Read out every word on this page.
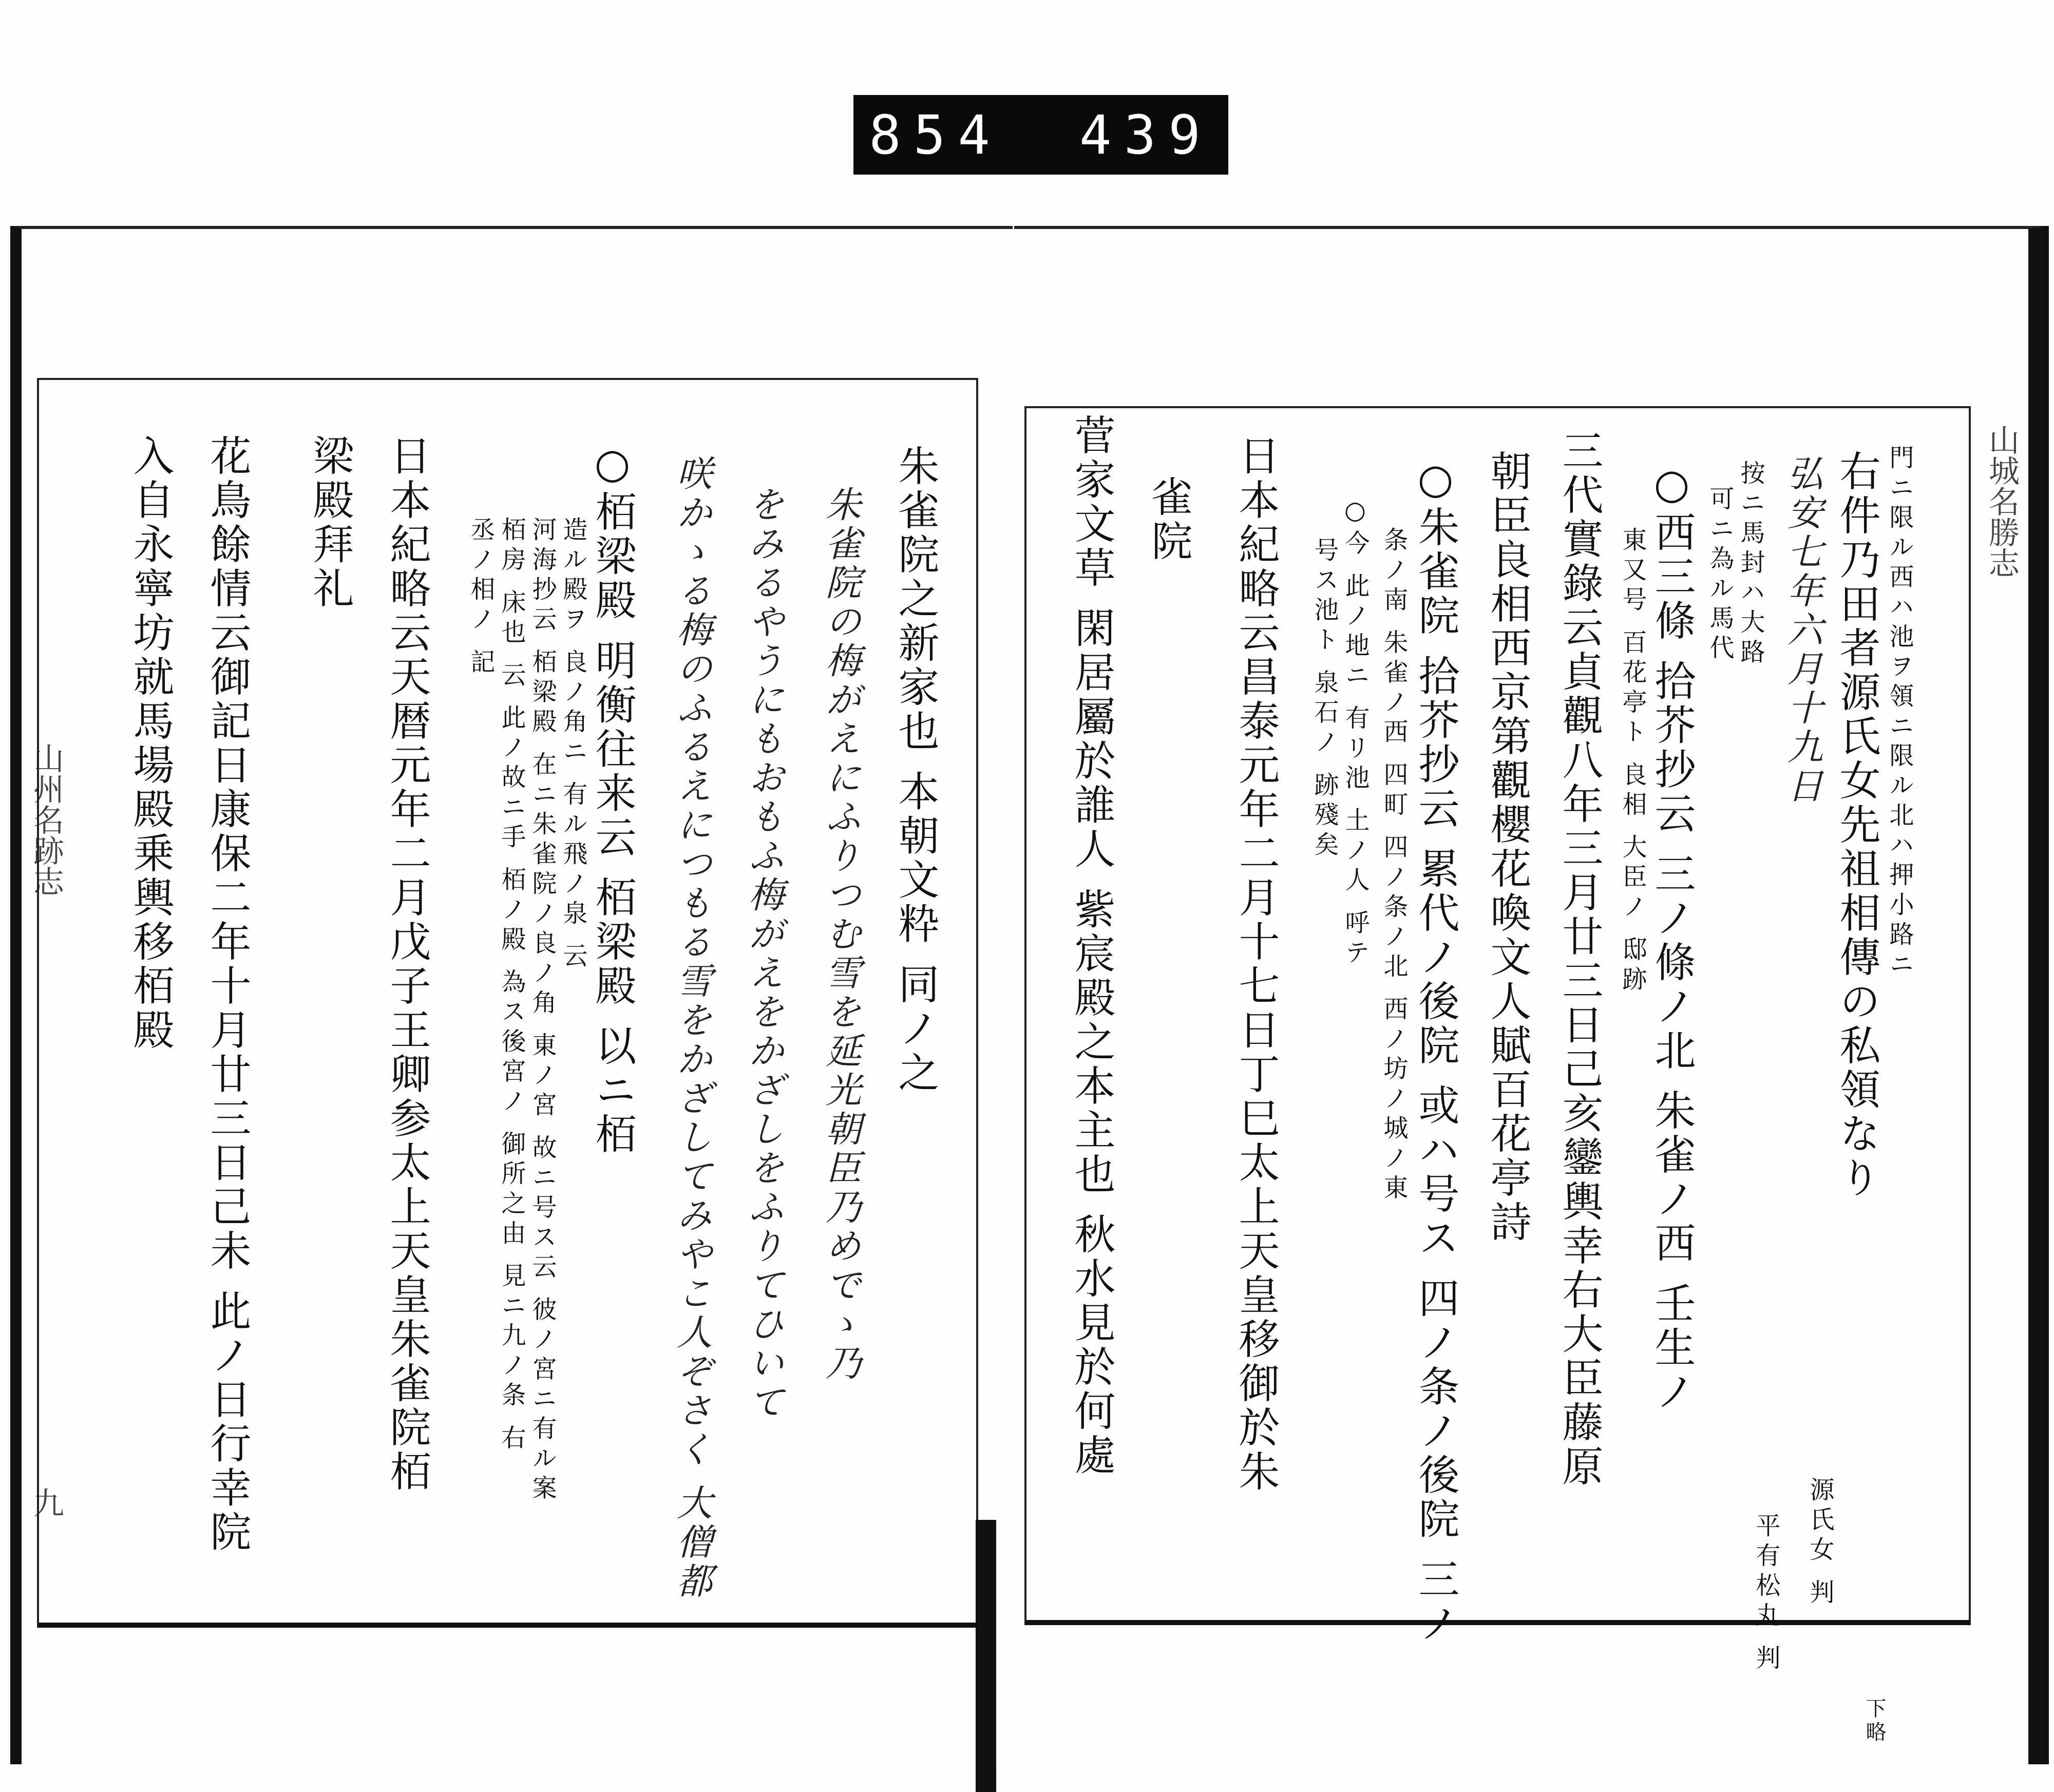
854 439
山州名跡志
九
朱雀院之新家也 本朝文粋 同ノ之
朱雀院の梅がえにふりつむ雪を延光朝臣乃めでゝ乃
をみるやうにもおもふ梅がえをかざしをふりてひいて
咲かゝる梅のふるえにつもる雪をかざしてみやこ人ぞさく 大僧都
○栢梁殿 明衡往来云 栢梁殿 以ニ栢
造ル殿ヲ 良ノ角ニ 有ル飛ノ泉 云
河海抄云 栢梁殿 在ニ朱雀院ノ良ノ角 東ノ宮 故ニ号ス云 彼ノ宮ニ有ル案
栢房 床也 云 此ノ故ニ手 栢ノ殿 為ス後宮ノ 御所之由 見ニ九ノ条 右
丞ノ相ノ 記
日本紀略云天暦元年二月戊子王卿参太上天皇朱雀院栢
梁殿拜礼
花鳥餘情云御記日康保二年十月廿三日己未 此ノ日行幸院
入自永寧坊就馬場殿乗輿移栢殿	山城名勝志
門ニ限ル西ハ池ヲ領ニ限ル北ハ押小路ニ
右件乃田者源氏女先祖相傳の私領なり
弘安七年六月十九日
按ニ馬封ハ大路
可ニ為ル馬代
○西三條 拾芥抄云 三ノ條ノ北 朱雀ノ西 壬生ノ
東又号 百花亭ト 良相 大臣ノ 邸跡
三代實錄云貞觀八年三月廿三日己亥鑾輿幸右大臣藤原
朝臣良相西京第觀櫻花喚文人賦百花亭詩
○朱雀院 拾芥抄云 累代ノ後院 或ハ号ス 四ノ条ノ後院 三ノ
条ノ南 朱雀ノ西 四町 四ノ条ノ北 西ノ坊ノ城ノ東
○今 此ノ地ニ 有リ池 土ノ人 呼テ
号ス池ト 泉石ノ 跡殘矣
日本紀略云昌泰元年二月十七日丁巳太上天皇移御於朱
雀院
菅家文草 閑居屬於誰人 紫宸殿之本主也 秋水見於何處
源氏女 判
平有松丸 判
下略
